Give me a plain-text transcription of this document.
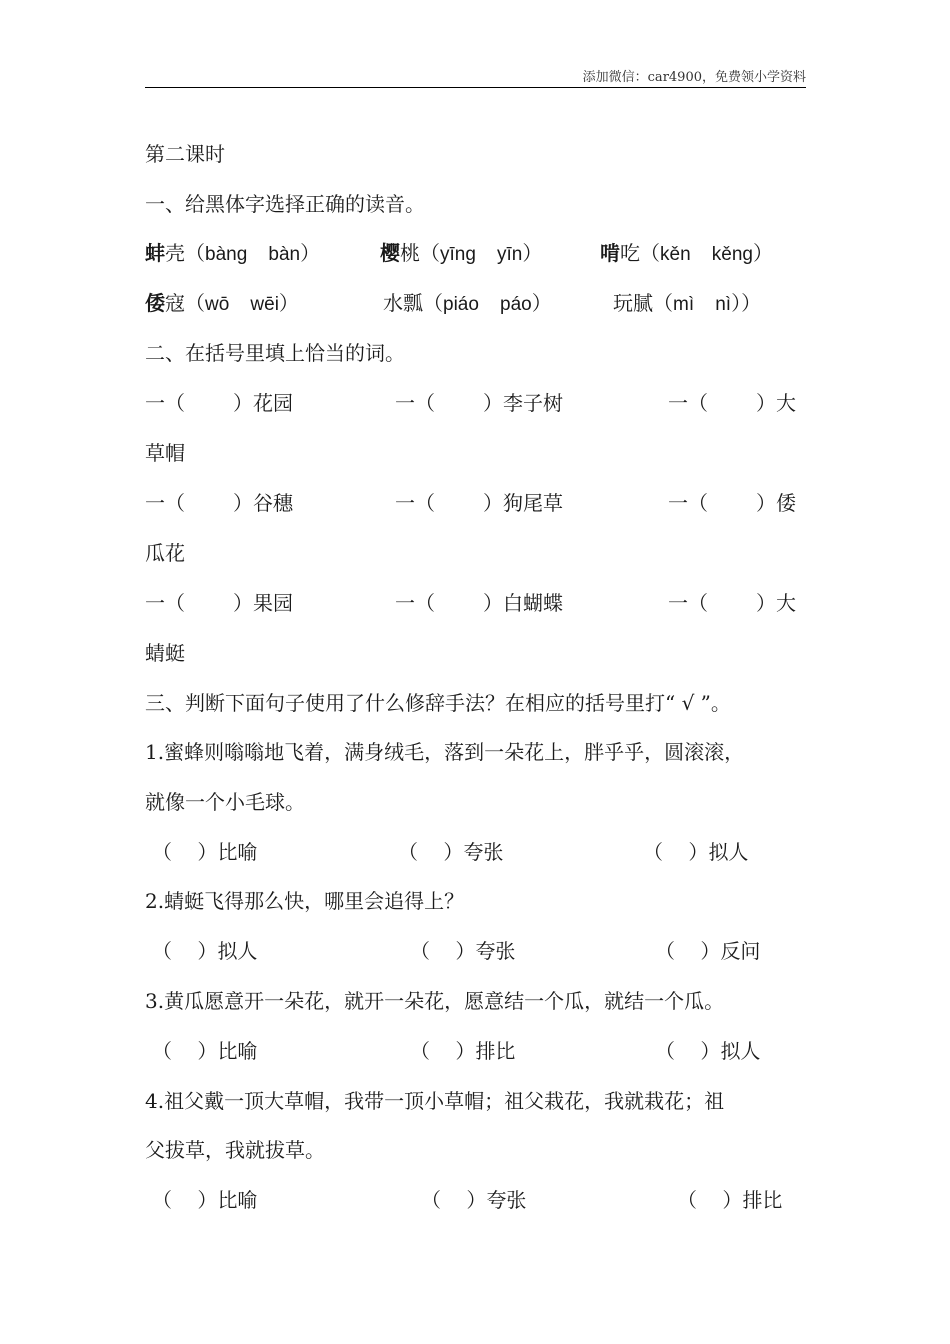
添加微信：car4900，免费领小学资料
第二课时
一、给黑体字选择正确的读音。
蚌壳（bàng    bàn）	樱桃（yīng    yīn）	啃吃（kěn    kěng）
倭寇（wō    wēi）	水瓢（piáo    páo）	玩腻（mì    nì））
二、在括号里填上恰当的词。
一（ ）花园	一（ ）李子树	一（ ）大
草帽
一（ ）谷穗	一（ ）狗尾草	一（ ）倭
瓜花
一（ ）果园	一（ ）白蝴蝶	一（ ）大
蜻蜓
三、判断下面句子使用了什么修辞手法？在相应的括号里打“ √ ”。
1.蜜蜂则嗡嗡地飞着，满身绒毛，落到一朵花上，胖乎乎，圆滚滚，
就像一个小毛球。
（    ）比喻	（    ）夸张	（    ）拟人
2.蜻蜓飞得那么快，哪里会追得上？
（    ）拟人	（    ）夸张	（    ）反问
3.黄瓜愿意开一朵花，就开一朵花，愿意结一个瓜，就结一个瓜。
（    ）比喻	（    ）排比	（    ）拟人
4.祖父戴一顶大草帽，我带一顶小草帽；祖父栽花，我就栽花；祖
父拔草，我就拔草。
（    ）比喻	（    ）夸张	（    ）排比
